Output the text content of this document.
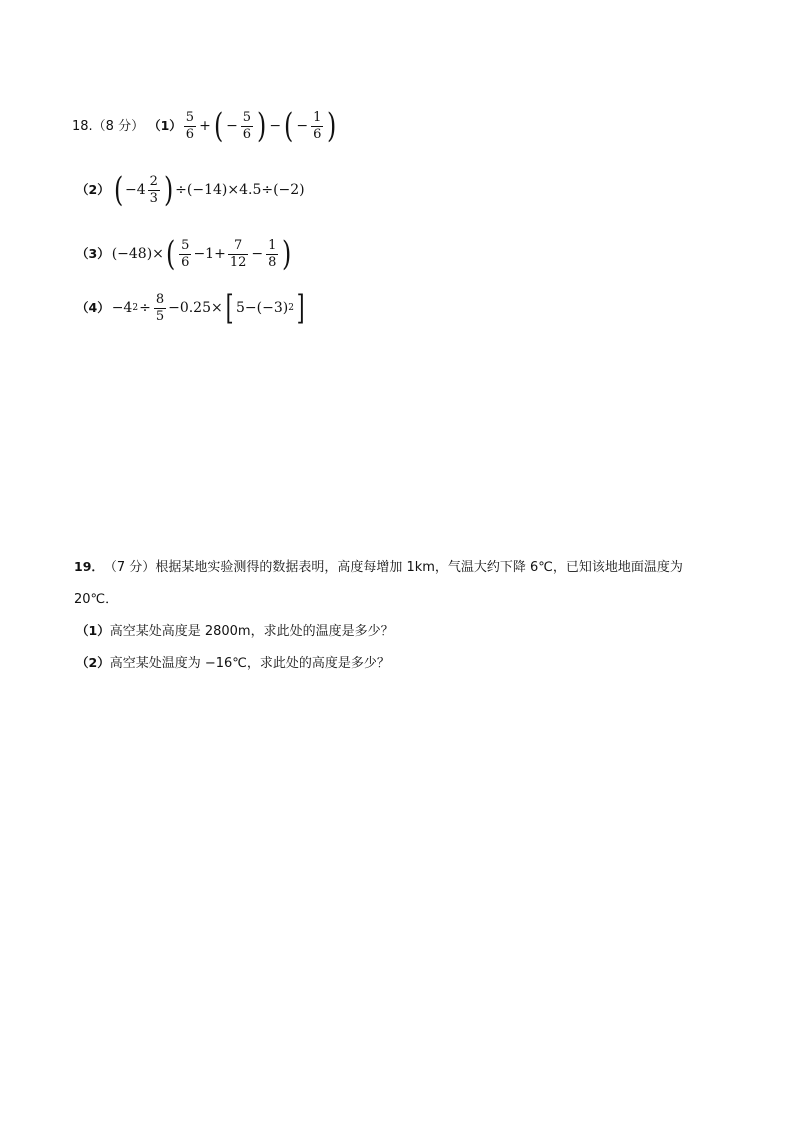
18.（8 分） $(1) \frac{5}{6}$ + ( − $\frac{5}{6}$ ) − ( − $\frac{1}{6}$ )
（2） ( $-4 \frac{2}{3}$ ) ÷(−14)×4.5÷(−2)
（3） (−48)× ( $\frac{5}{6} -1+ \frac{7}{12} - \frac{1}{8}$ )
（4） −4 $2 \div \frac{8}{5} -0.25\times$ [ 5−(−3) 2 ]
19． （7 分） 根据某地实验测得的数据表明，高度每增加 1km，气温大约下降 6℃，已知该地地面温度为
20℃．
（1） 高空某处高度是 2800m，求此处的温度是多少？
（2） 高空某处温度为 −16℃，求此处的高度是多少？
